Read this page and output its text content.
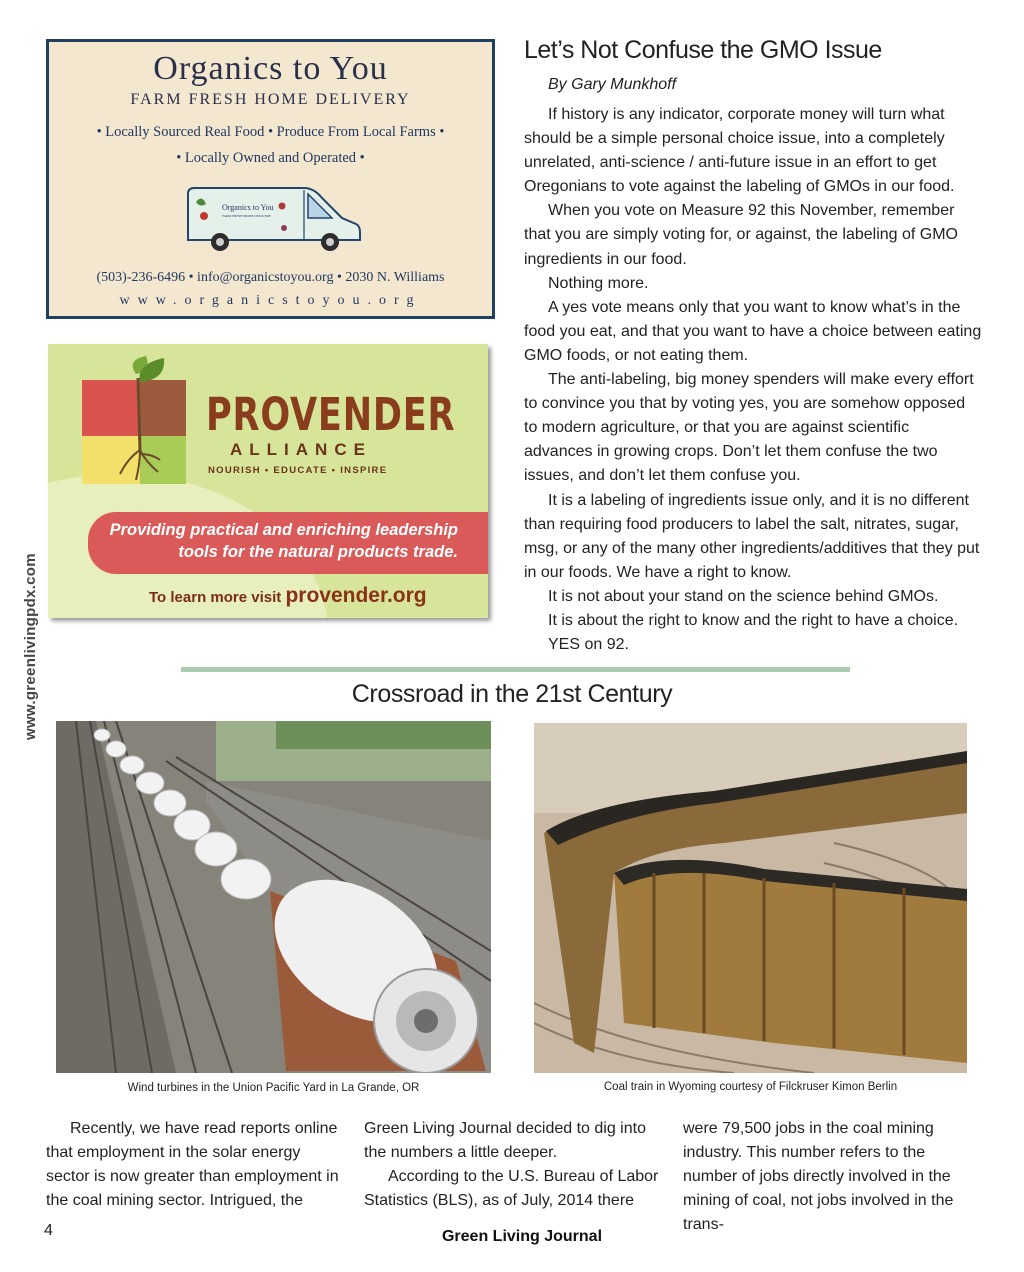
www.greenlivingpdx.com
Organics to You
FARM FRESH HOME DELIVERY
• Locally Sourced Real Food • Produce From Local Farms •
• Locally Owned and Operated •
Organics to You
FARM FRESH HOME DELIVERY
(503)-236-6496 • info@organicstoyou.org • 2030 N. Williams
www.organicstoyou.org
PROVENDER
ALLIANCE
NOURISH • EDUCATE • INSPIRE
Providing practical and enriching leadership
tools for the natural products trade.
To learn more visit provender.org
Let’s Not Confuse the GMO Issue
By Gary Munkhoff

If history is any indicator, corporate money will turn what should be a simple personal choice issue, into a completely unrelated, anti-science / anti-future issue in an effort to get Oregonians to vote against the labeling of GMOs in our food.

When you vote on Measure 92 this November, remember that you are simply voting for, or against, the labeling of GMO ingredients in our food.

Nothing more.

A yes vote means only that you want to know what’s in the food you eat, and that you want to have a choice between eating GMO foods, or not eating them.

The anti-labeling, big money spenders will make every effort to convince you that by voting yes, you are somehow opposed to modern agriculture, or that you are against scientific advances in growing crops. Don’t let them confuse the two issues, and don’t let them confuse you.

It is a labeling of ingredients issue only, and it is no different than requiring food producers to label the salt, nitrates, sugar, msg, or any of the many other ingredients/additives that they put in our foods. We have a right to know.

It is not about your stand on the science behind GMOs.

It is about the right to know and the right to have a choice.

YES on 92.

Crossroad in the 21st Century
Wind turbines in the Union Pacific Yard in La Grande, OR	Coal train in Wyoming courtesy of Filckruser Kimon Berlin

Recently, we have read reports online that employment in the solar energy sector is now greater than employment in the coal mining sector. Intrigued, the

Green Living Journal decided to dig into the numbers a little deeper.

According to the U.S. Bureau of Labor Statistics (BLS), as of July, 2014 there

were 79,500 jobs in the coal mining industry. This number refers to the number of jobs directly involved in the mining of coal, not jobs involved in the trans-

4	Green Living Journal
